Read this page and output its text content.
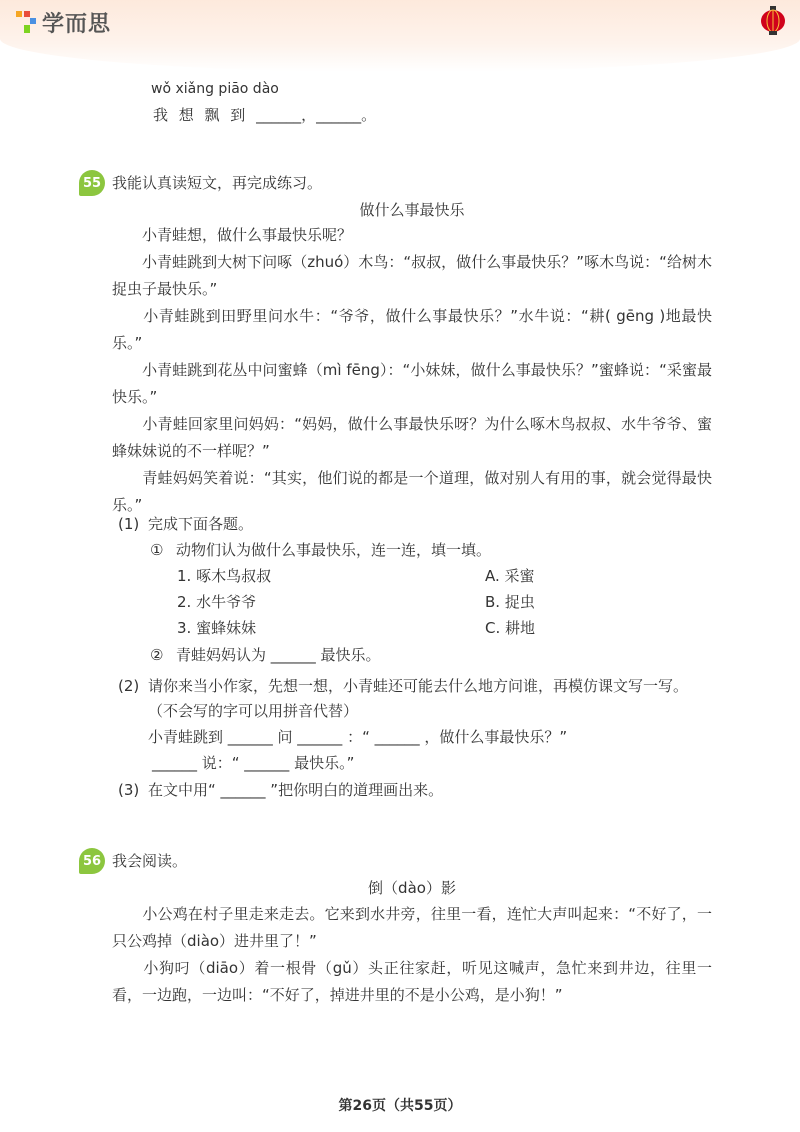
学而思
wǒ xiǎng piāo dào
我 想 飘 到 ______，______。
55 我能认真读短文，再完成练习。
做什么事最快乐
　　小青蛙想，做什么事最快乐呢？
　　小青蛙跳到大树下问啄（zhuó）木鸟：“叔叔，做什么事最快乐？”啄木鸟说：“给树木捉虫子最快乐。”
　　小青蛙跳到田野里问水牛：“爷爷，做什么事最快乐？”水牛说：“耕( gēng )地最快乐。”
　　小青蛙跳到花丛中问蜜蜂（mì fēng）：“小妹妹，做什么事最快乐？”蜜蜂说：“采蜜最快乐。”
　　小青蛙回家里问妈妈：“妈妈，做什么事最快乐呀？为什么啄木鸟叔叔、水牛爷爷、蜜蜂妹妹说的不一样呢？”
　　青蛙妈妈笑着说：“其实，他们说的都是一个道理，做对别人有用的事，就会觉得最快乐。”
(1) 完成下面各题。
① 动物们认为做什么事最快乐，连一连，填一填。
1. 啄木鸟叔叔
2. 水牛爷爷
3. 蜜蜂妹妹
A. 采蜜
B. 捉虫
C. 耕地
② 青蛙妈妈认为 ______ 最快乐。
(2) 请你来当小作家，先想一想，小青蛙还可能去什么地方问谁，再模仿课文写一写。
（不会写的字可以用拼音代替）
小青蛙跳到 ______ 问 ______ ：“ ______ ，做什么事最快乐？”
______ 说：“ ______ 最快乐。”
(3) 在文中用“ ______ ”把你明白的道理画出来。
56 我会阅读。
倒（dào）影
　　小公鸡在村子里走来走去。它来到水井旁，往里一看，连忙大声叫起来：“不好了，一只公鸡掉（diào）进井里了！”
　　小狗叼（diāo）着一根骨（gǔ）头正往家赶，听见这喊声，急忙来到井边，往里一看，一边跑，一边叫：“不好了，掉进井里的不是小公鸡，是小狗！”
第26页（共55页）
